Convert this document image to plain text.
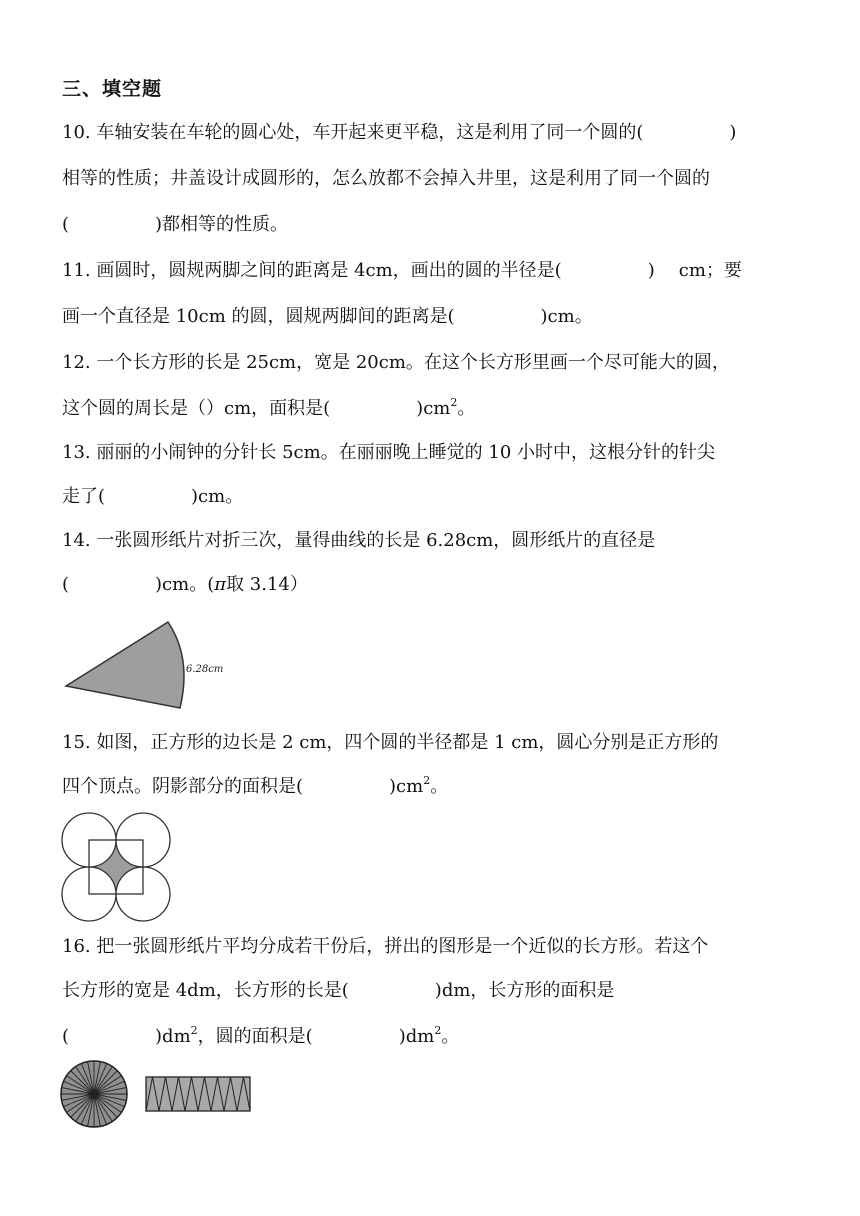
三、填空题
10. 车轴安装在车轮的圆心处，车开起来更平稳，这是利用了同一个圆的(	)
相等的性质；井盖设计成圆形的，怎么放都不会掉入井里，这是利用了同一个圆的
(	)都相等的性质。
11. 画圆时，圆规两脚之间的距离是 4cm，画出的圆的半径是(	) cm；要
画一个直径是 10cm 的圆，圆规两脚间的距离是(	)cm。
12. 一个长方形的长是 25cm，宽是 20cm。在这个长方形里画一个尽可能大的圆，
这个圆的周长是（）cm，面积是(	)$cm^2$。
13. 丽丽的小闹钟的分针长 5cm。在丽丽晚上睡觉的 10 小时中，这根分针的针尖
走了(	)cm。
14. 一张圆形纸片对折三次，量得曲线的长是 6.28cm，圆形纸片的直径是
(	)cm。(π取 3.14）
6.28cm
15. 如图，正方形的边长是 2 cm，四个圆的半径都是 1 cm，圆心分别是正方形的
四个顶点。阴影部分的面积是(	)$cm^2$。
16. 把一张圆形纸片平均分成若干份后，拼出的图形是一个近似的长方形。若这个
长方形的宽是 4dm，长方形的长是(	)dm，长方形的面积是
(	)$dm^2$，圆的面积是(	)$dm^2$。
